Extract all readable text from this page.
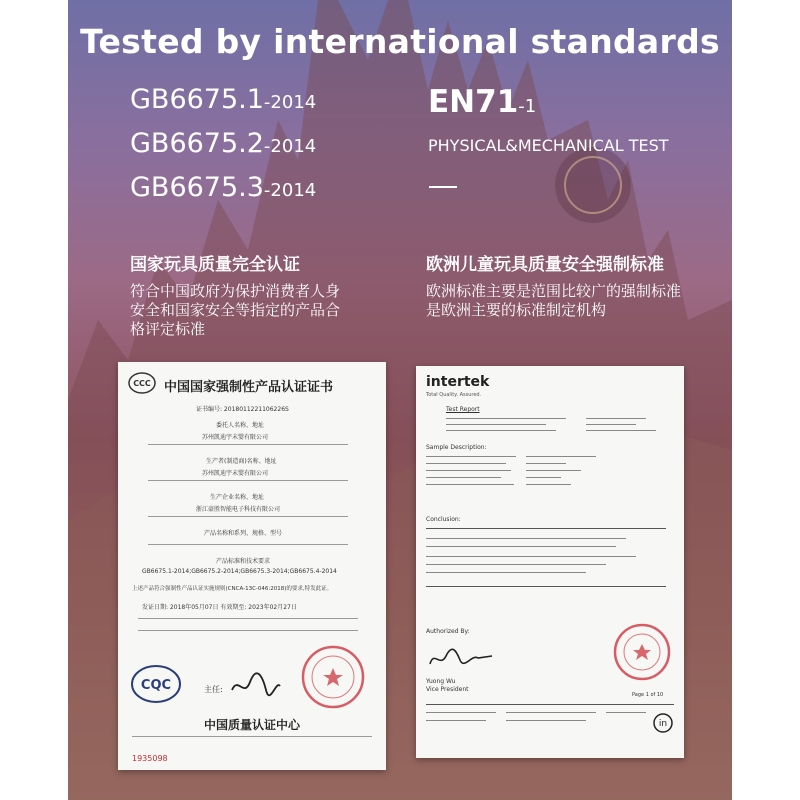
Tested by international standards
GB6675.1-2014
GB6675.2-2014
GB6675.3-2014
EN71-1
PHYSICAL&MECHANICAL TEST
国家玩具质量完全认证	欧洲儿童玩具质量安全强制标准
符合中国政府为保护消费者人身
安全和国家安全等指定的产品合
格评定标准
欧洲标准主要是范围比较广的强制标准
是欧洲主要的标准制定机构
CCC 中国国家强制性产品认证证书
证书编号: 2018011221106226S
委托人名称、地址
苏州凯迪宇未婴有限公司
生产者(制造商)名称、地址
苏州凯迪宇未婴有限公司
生产企业名称、地址
浙江豪胜智能电子科技有限公司
产品名称和系列、规格、型号
产品标准和技术要求
GB6675.1-2014;GB6675.2-2014;GB6675.3-2014;GB6675.4-2014
上述产品符合强制性产品认证实施规则(CNCA-13C-046:2018)的要求,特发此证。
发证日期: 2018年05月07日 有效期至: 2023年02月27日
CQC	主任:
中国质量认证中心
1935098
intertek
Total Quality. Assured.
Test Report
Sample Description:
Conclusion:
Authorized By:
Yuong Wu
Vice President
Page 1 of 10
in
